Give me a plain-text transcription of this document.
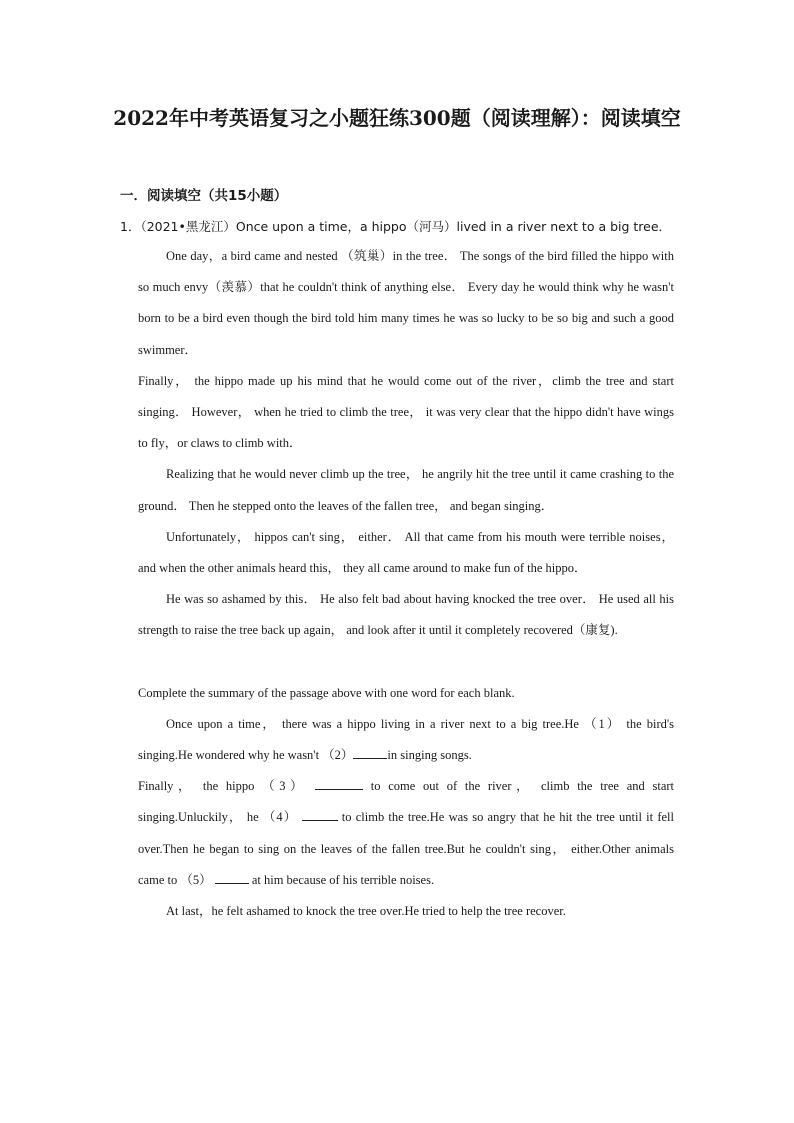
2022年中考英语复习之小题狂练300题（阅读理解）：阅读填空
一．阅读填空（共15小题）
1．（2021•黑龙江）Once upon a time，a hippo（河马）lived in a river next to a big tree．

One day，a bird came and nested （筑巢）in the tree． The songs of the bird filled the hippo with so much envy（羡慕）that he couldn't think of anything else． Every day he would think why he wasn't born to be a bird even though the bird told him many times he was so lucky to be so big and such a good swimmer．

Finally， the hippo made up his mind that he would come out of the river，climb the tree and start singing． However， when he tried to climb the tree， it was very clear that the hippo didn't have wings to fly，or claws to climb with．

Realizing that he would never climb up the tree， he angrily hit the tree until it came crashing to the ground． Then he stepped onto the leaves of the fallen tree， and began singing．

Unfortunately， hippos can't sing， either． All that came from his mouth were terrible noises， and when the other animals heard this， they all came around to make fun of the hippo．

He was so ashamed by this． He also felt bad about having knocked the tree over． He used all his strength to raise the tree back up again， and look after it until it completely recovered（康复).

Complete the summary of the passage above with one word for each blank.

Once upon a time， there was a hippo living in a river next to a big tree.He （1） the bird's singing.He wondered why he wasn't （2）	in singing songs.

Finally， the hippo （3）	to come out of the river， climb the tree and start singing.Unluckily， he （4）	to climb the tree.He was so angry that he hit the tree until it fell over.Then he began to sing on the leaves of the fallen tree.But he couldn't sing， either.Other animals came to （5）	at him because of his terrible noises.

At last，he felt ashamed to knock the tree over.He tried to help the tree recover.
